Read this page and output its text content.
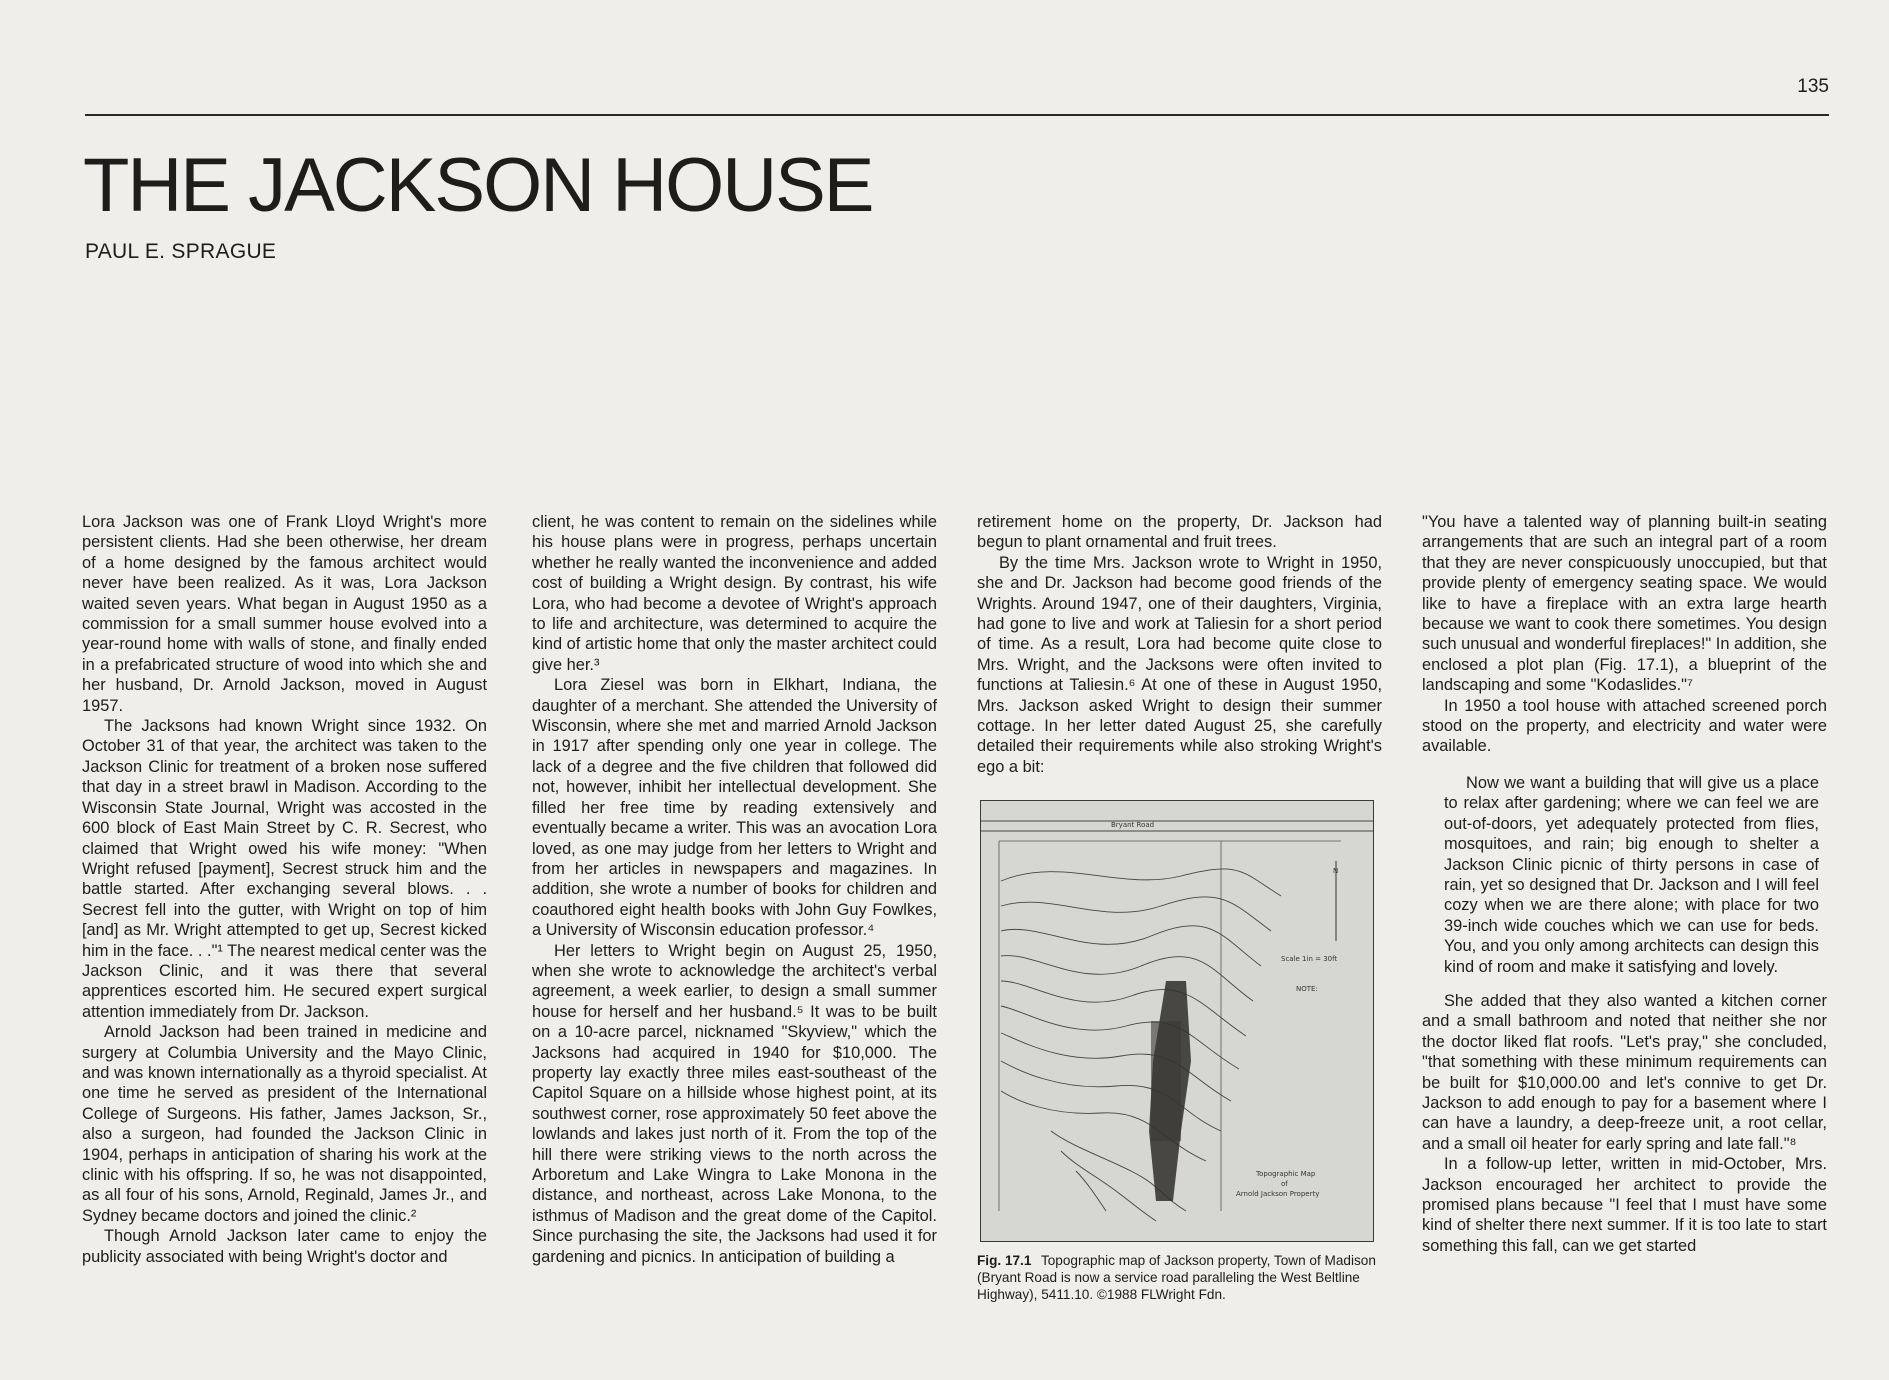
135
THE JACKSON HOUSE
PAUL E. SPRAGUE

Lora Jackson was one of Frank Lloyd Wright's more persistent clients. Had she been otherwise, her dream of a home designed by the famous architect would never have been realized. As it was, Lora Jackson waited seven years. What began in August 1950 as a commission for a small summer house evolved into a year-round home with walls of stone, and finally ended in a prefabricated structure of wood into which she and her husband, Dr. Arnold Jackson, moved in August 1957.

The Jacksons had known Wright since 1932. On October 31 of that year, the architect was taken to the Jackson Clinic for treatment of a broken nose suffered that day in a street brawl in Madison. According to the Wisconsin State Journal, Wright was accosted in the 600 block of East Main Street by C. R. Secrest, who claimed that Wright owed his wife money: "When Wright refused [payment], Secrest struck him and the battle started. After exchanging several blows. . . Secrest fell into the gutter, with Wright on top of him [and] as Mr. Wright attempted to get up, Secrest kicked him in the face. . ."¹ The nearest medical center was the Jackson Clinic, and it was there that several apprentices escorted him. He secured expert surgical attention immediately from Dr. Jackson.

Arnold Jackson had been trained in medicine and surgery at Columbia University and the Mayo Clinic, and was known internationally as a thyroid specialist. At one time he served as president of the International College of Surgeons. His father, James Jackson, Sr., also a surgeon, had founded the Jackson Clinic in 1904, perhaps in anticipation of sharing his work at the clinic with his offspring. If so, he was not disappointed, as all four of his sons, Arnold, Reginald, James Jr., and Sydney became doctors and joined the clinic.²

Though Arnold Jackson later came to enjoy the publicity associated with being Wright's doctor and

client, he was content to remain on the sidelines while his house plans were in progress, perhaps uncertain whether he really wanted the inconvenience and added cost of building a Wright design. By contrast, his wife Lora, who had become a devotee of Wright's approach to life and architecture, was determined to acquire the kind of artistic home that only the master architect could give her.³

Lora Ziesel was born in Elkhart, Indiana, the daughter of a merchant. She attended the University of Wisconsin, where she met and married Arnold Jackson in 1917 after spending only one year in college. The lack of a degree and the five children that followed did not, however, inhibit her intellectual development. She filled her free time by reading extensively and eventually became a writer. This was an avocation Lora loved, as one may judge from her letters to Wright and from her articles in newspapers and magazines. In addition, she wrote a number of books for children and coauthored eight health books with John Guy Fowlkes, a University of Wisconsin education professor.⁴

Her letters to Wright begin on August 25, 1950, when she wrote to acknowledge the architect's verbal agreement, a week earlier, to design a small summer house for herself and her husband.⁵ It was to be built on a 10-acre parcel, nicknamed "Skyview," which the Jacksons had acquired in 1940 for $10,000. The property lay exactly three miles east-southeast of the Capitol Square on a hillside whose highest point, at its southwest corner, rose approximately 50 feet above the lowlands and lakes just north of it. From the top of the hill there were striking views to the north across the Arboretum and Lake Wingra to Lake Monona in the distance, and northeast, across Lake Monona, to the isthmus of Madison and the great dome of the Capitol. Since purchasing the site, the Jacksons had used it for gardening and picnics. In anticipation of building a

retirement home on the property, Dr. Jackson had begun to plant ornamental and fruit trees.

By the time Mrs. Jackson wrote to Wright in 1950, she and Dr. Jackson had become good friends of the Wrights. Around 1947, one of their daughters, Virginia, had gone to live and work at Taliesin for a short period of time. As a result, Lora had become quite close to Mrs. Wright, and the Jacksons were often invited to functions at Taliesin.⁶ At one of these in August 1950, Mrs. Jackson asked Wright to design their summer cottage. In her letter dated August 25, she carefully detailed their requirements while also stroking Wright's ego a bit:

Bryant Road
N
Scale 1in = 30ft
NOTE:
Topographic Map
of
Arnold Jackson Property
Fig. 17.1 Topographic map of Jackson property, Town of Madison (Bryant Road is now a service road paralleling the West Beltline Highway), 5411.10. ©1988 FLWright Fdn.

"You have a talented way of planning built-in seating arrangements that are such an integral part of a room that they are never conspicuously unoccupied, but that provide plenty of emergency seating space. We would like to have a fireplace with an extra large hearth because we want to cook there sometimes. You design such unusual and wonderful fireplaces!" In addition, she enclosed a plot plan (Fig. 17.1), a blueprint of the landscaping and some "Kodaslides."⁷

In 1950 a tool house with attached screened porch stood on the property, and electricity and water were available.

Now we want a building that will give us a place to relax after gardening; where we can feel we are out-of-doors, yet adequately protected from flies, mosquitoes, and rain; big enough to shelter a Jackson Clinic picnic of thirty persons in case of rain, yet so designed that Dr. Jackson and I will feel cozy when we are there alone; with place for two 39-inch wide couches which we can use for beds. You, and you only among architects can design this kind of room and make it satisfying and lovely.

She added that they also wanted a kitchen corner and a small bathroom and noted that neither she nor the doctor liked flat roofs. "Let's pray," she concluded, "that something with these minimum requirements can be built for $10,000.00 and let's connive to get Dr. Jackson to add enough to pay for a basement where I can have a laundry, a deep-freeze unit, a root cellar, and a small oil heater for early spring and late fall."⁸

In a follow-up letter, written in mid-October, Mrs. Jackson encouraged her architect to provide the promised plans because "I feel that I must have some kind of shelter there next summer. If it is too late to start something this fall, can we get started
